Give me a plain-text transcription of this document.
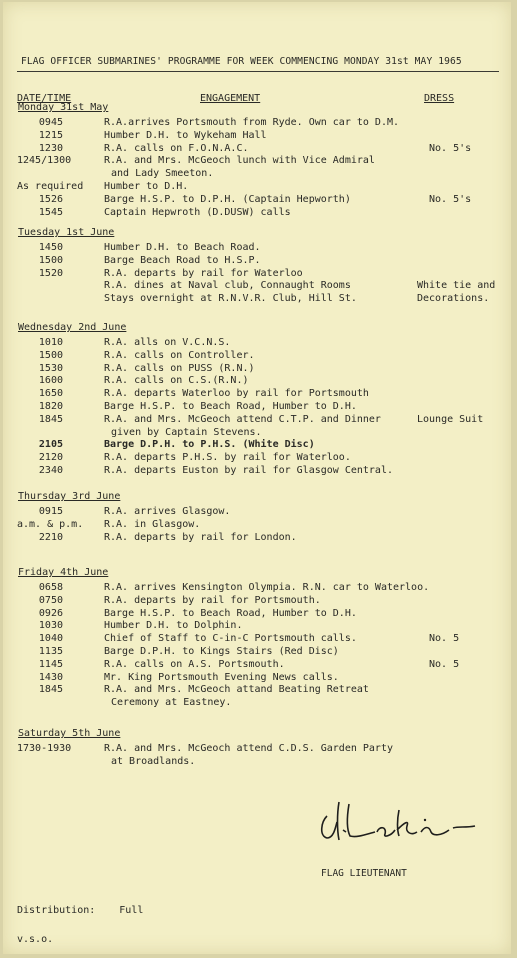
FLAG OFFICER SUBMARINES' PROGRAMME FOR WEEK COMMENCING MONDAY 31st MAY 1965
DATE/TIME	ENGAGEMENT	DRESS
Monday 31st May
0945	R.A.arrives Portsmouth from Ryde. Own car to D.M.
1215	Humber D.H. to Wykeham Hall
1230	R.A. calls on F.O.N.A.C.	No. 5's
1245/1300	R.A. and Mrs. McGeoch lunch with Vice Admiral
and Lady Smeeton.
As required Humber to D.H.
1526	Barge H.S.P. to D.P.H. (Captain Hepworth)	No. 5's
1545	Captain Hepwroth (D.DUSW) calls
Tuesday 1st June
1450	Humber D.H. to Beach Road.
1500	Barge Beach Road to H.S.P.
1520	R.A. departs by rail for Waterloo
R.A. dines at Naval club, Connaught Rooms	White tie and
Stays overnight at R.N.V.R. Club, Hill St.	Decorations.
Wednesday 2nd June
1010	R.A. alls on V.C.N.S.
1500	R.A. calls on Controller.
1530	R.A. calls on PUSS (R.N.)
1600	R.A. calls on C.S.(R.N.)
1650	R.A. departs Waterloo by rail for Portsmouth
1820	Barge H.S.P. to Beach Road, Humber to D.H.
1845	R.A. and Mrs. McGeoch attend C.T.P. and Dinner	Lounge Suit
given by Captain Stevens.
2105	Barge D.P.H. to P.H.S. (White Disc)
2120	R.A. departs P.H.S. by rail for Waterloo.
2340	R.A. departs Euston by rail for Glasgow Central.
Thursday 3rd June
0915	R.A. arrives Glasgow.
a.m. & p.m. R.A. in Glasgow.
2210	R.A. departs by rail for London.
Friday 4th June
0658	R.A. arrives Kensington Olympia. R.N. car to Waterloo.
0750	R.A. departs by rail for Portsmouth.
0926	Barge H.S.P. to Beach Road, Humber to D.H.
1030	Humber D.H. to Dolphin.
1040	Chief of Staff to C-in-C Portsmouth calls.	No. 5
1135	Barge D.P.H. to Kings Stairs (Red Disc)
1145	R.A. calls on A.S. Portsmouth.	No. 5
1430	Mr. King Portsmouth Evening News calls.
1845	R.A. and Mrs. McGeoch attand Beating Retreat
Ceremony at Eastney.
Saturday 5th June
1730-1930	R.A. and Mrs. McGeoch attend C.D.S. Garden Party
at Broadlands.
FLAG LIEUTENANT
Distribution: Full
v.s.o.
